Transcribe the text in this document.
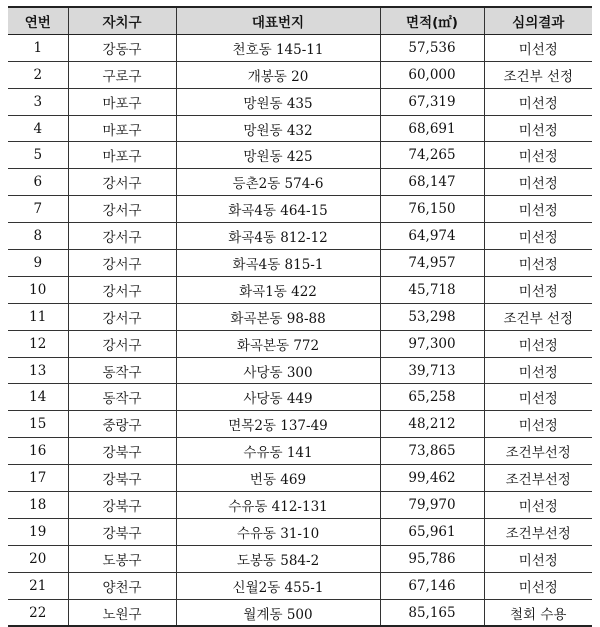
연번	자치구	대표번지	면적(㎡)	심의결과
1	강동구	천호동 145-11	57,536	미선정
2	구로구	개봉동 20	60,000	조건부 선정
3	마포구	망원동 435	67,319	미선정
4	마포구	망원동 432	68,691	미선정
5	마포구	망원동 425	74,265	미선정
6	강서구	등촌2동 574-6	68,147	미선정
7	강서구	화곡4동 464-15	76,150	미선정
8	강서구	화곡4동 812-12	64,974	미선정
9	강서구	화곡4동 815-1	74,957	미선정
10	강서구	화곡1동 422	45,718	미선정
11	강서구	화곡본동 98-88	53,298	조건부 선정
12	강서구	화곡본동 772	97,300	미선정
13	동작구	사당동 300	39,713	미선정
14	동작구	사당동 449	65,258	미선정
15	중랑구	면목2동 137-49	48,212	미선정
16	강북구	수유동 141	73,865	조건부선정
17	강북구	번동 469	99,462	조건부선정
18	강북구	수유동 412-131	79,970	미선정
19	강북구	수유동 31-10	65,961	조건부선정
20	도봉구	도봉동 584-2	95,786	미선정
21	양천구	신월2동 455-1	67,146	미선정
22	노원구	월계동 500	85,165	철회 수용
